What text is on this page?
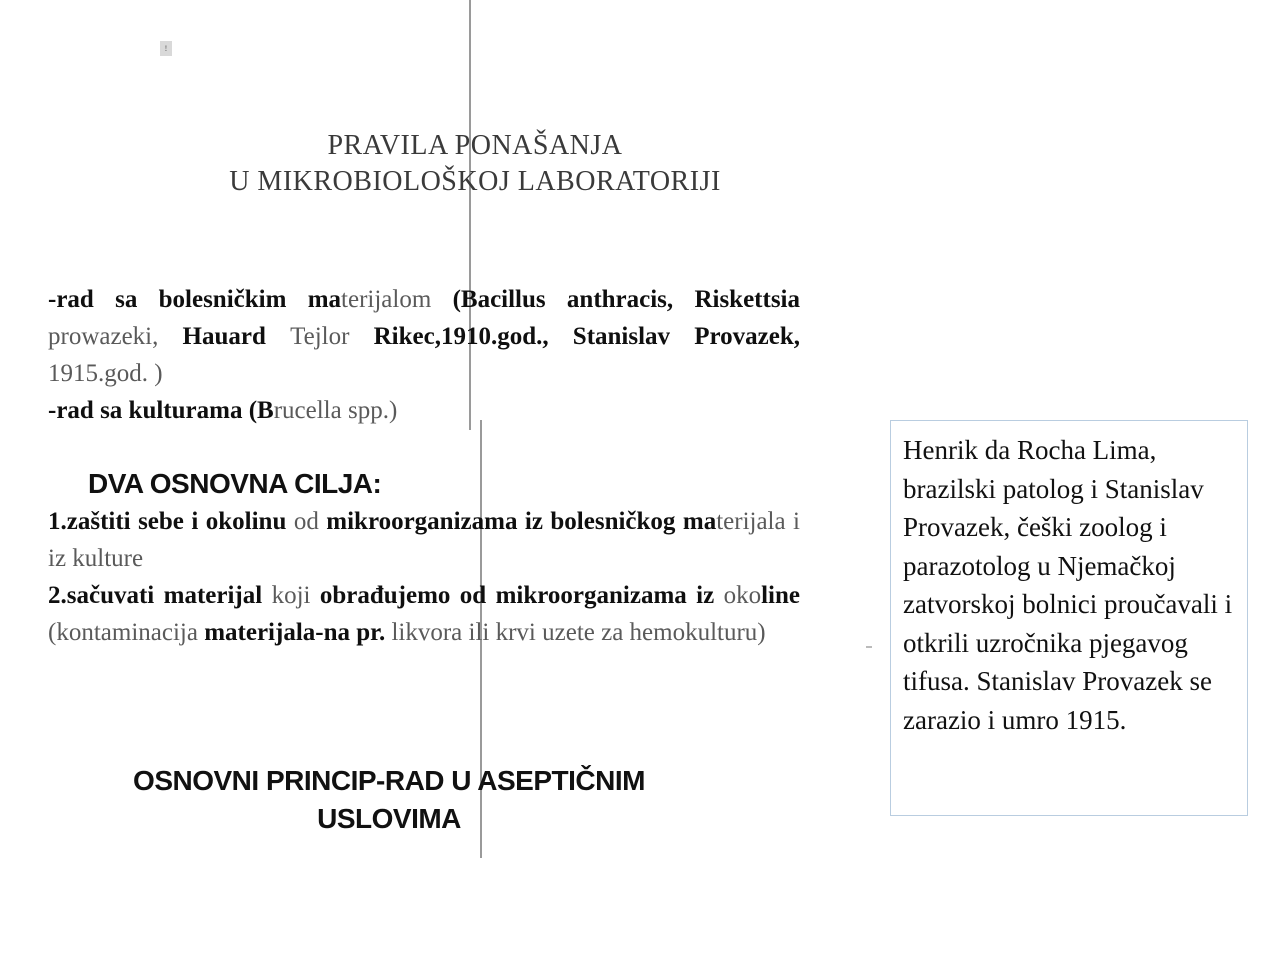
!
PRAVILA PONAŠANJA
U MIKROBIOLOŠKOJ LABORATORIJI

-rad sa bolesničkim materijalom (Bacillus anthracis, Riskettsia prowazeki, Hauard Tejlor Rikec,1910.god., Stanislav Provazek, 1915.god. )

-rad sa kulturama (Brucella spp.)

DVA OSNOVNA CILJA:

1.zaštiti sebe i okolinu od mikroorganizama iz bolesničkog materijala i iz kulture

2.sačuvati materijal koji obrađujemo od mikroorganizama iz okoline (kontaminacija materijala-na pr. likvora ili krvi uzete za hemokulturu)

OSNOVNI PRINCIP-RAD U ASEPTIČNIM
USLOVIMA

Henrik da Rocha Lima, brazilski patolog i Stanislav Provazek, češki zoolog i parazotolog u Njemačkoj zatvorskoj bolnici proučavali i otkrili uzročnika pjegavog tifusa. Stanislav Provazek se zarazio i umro 1915.
